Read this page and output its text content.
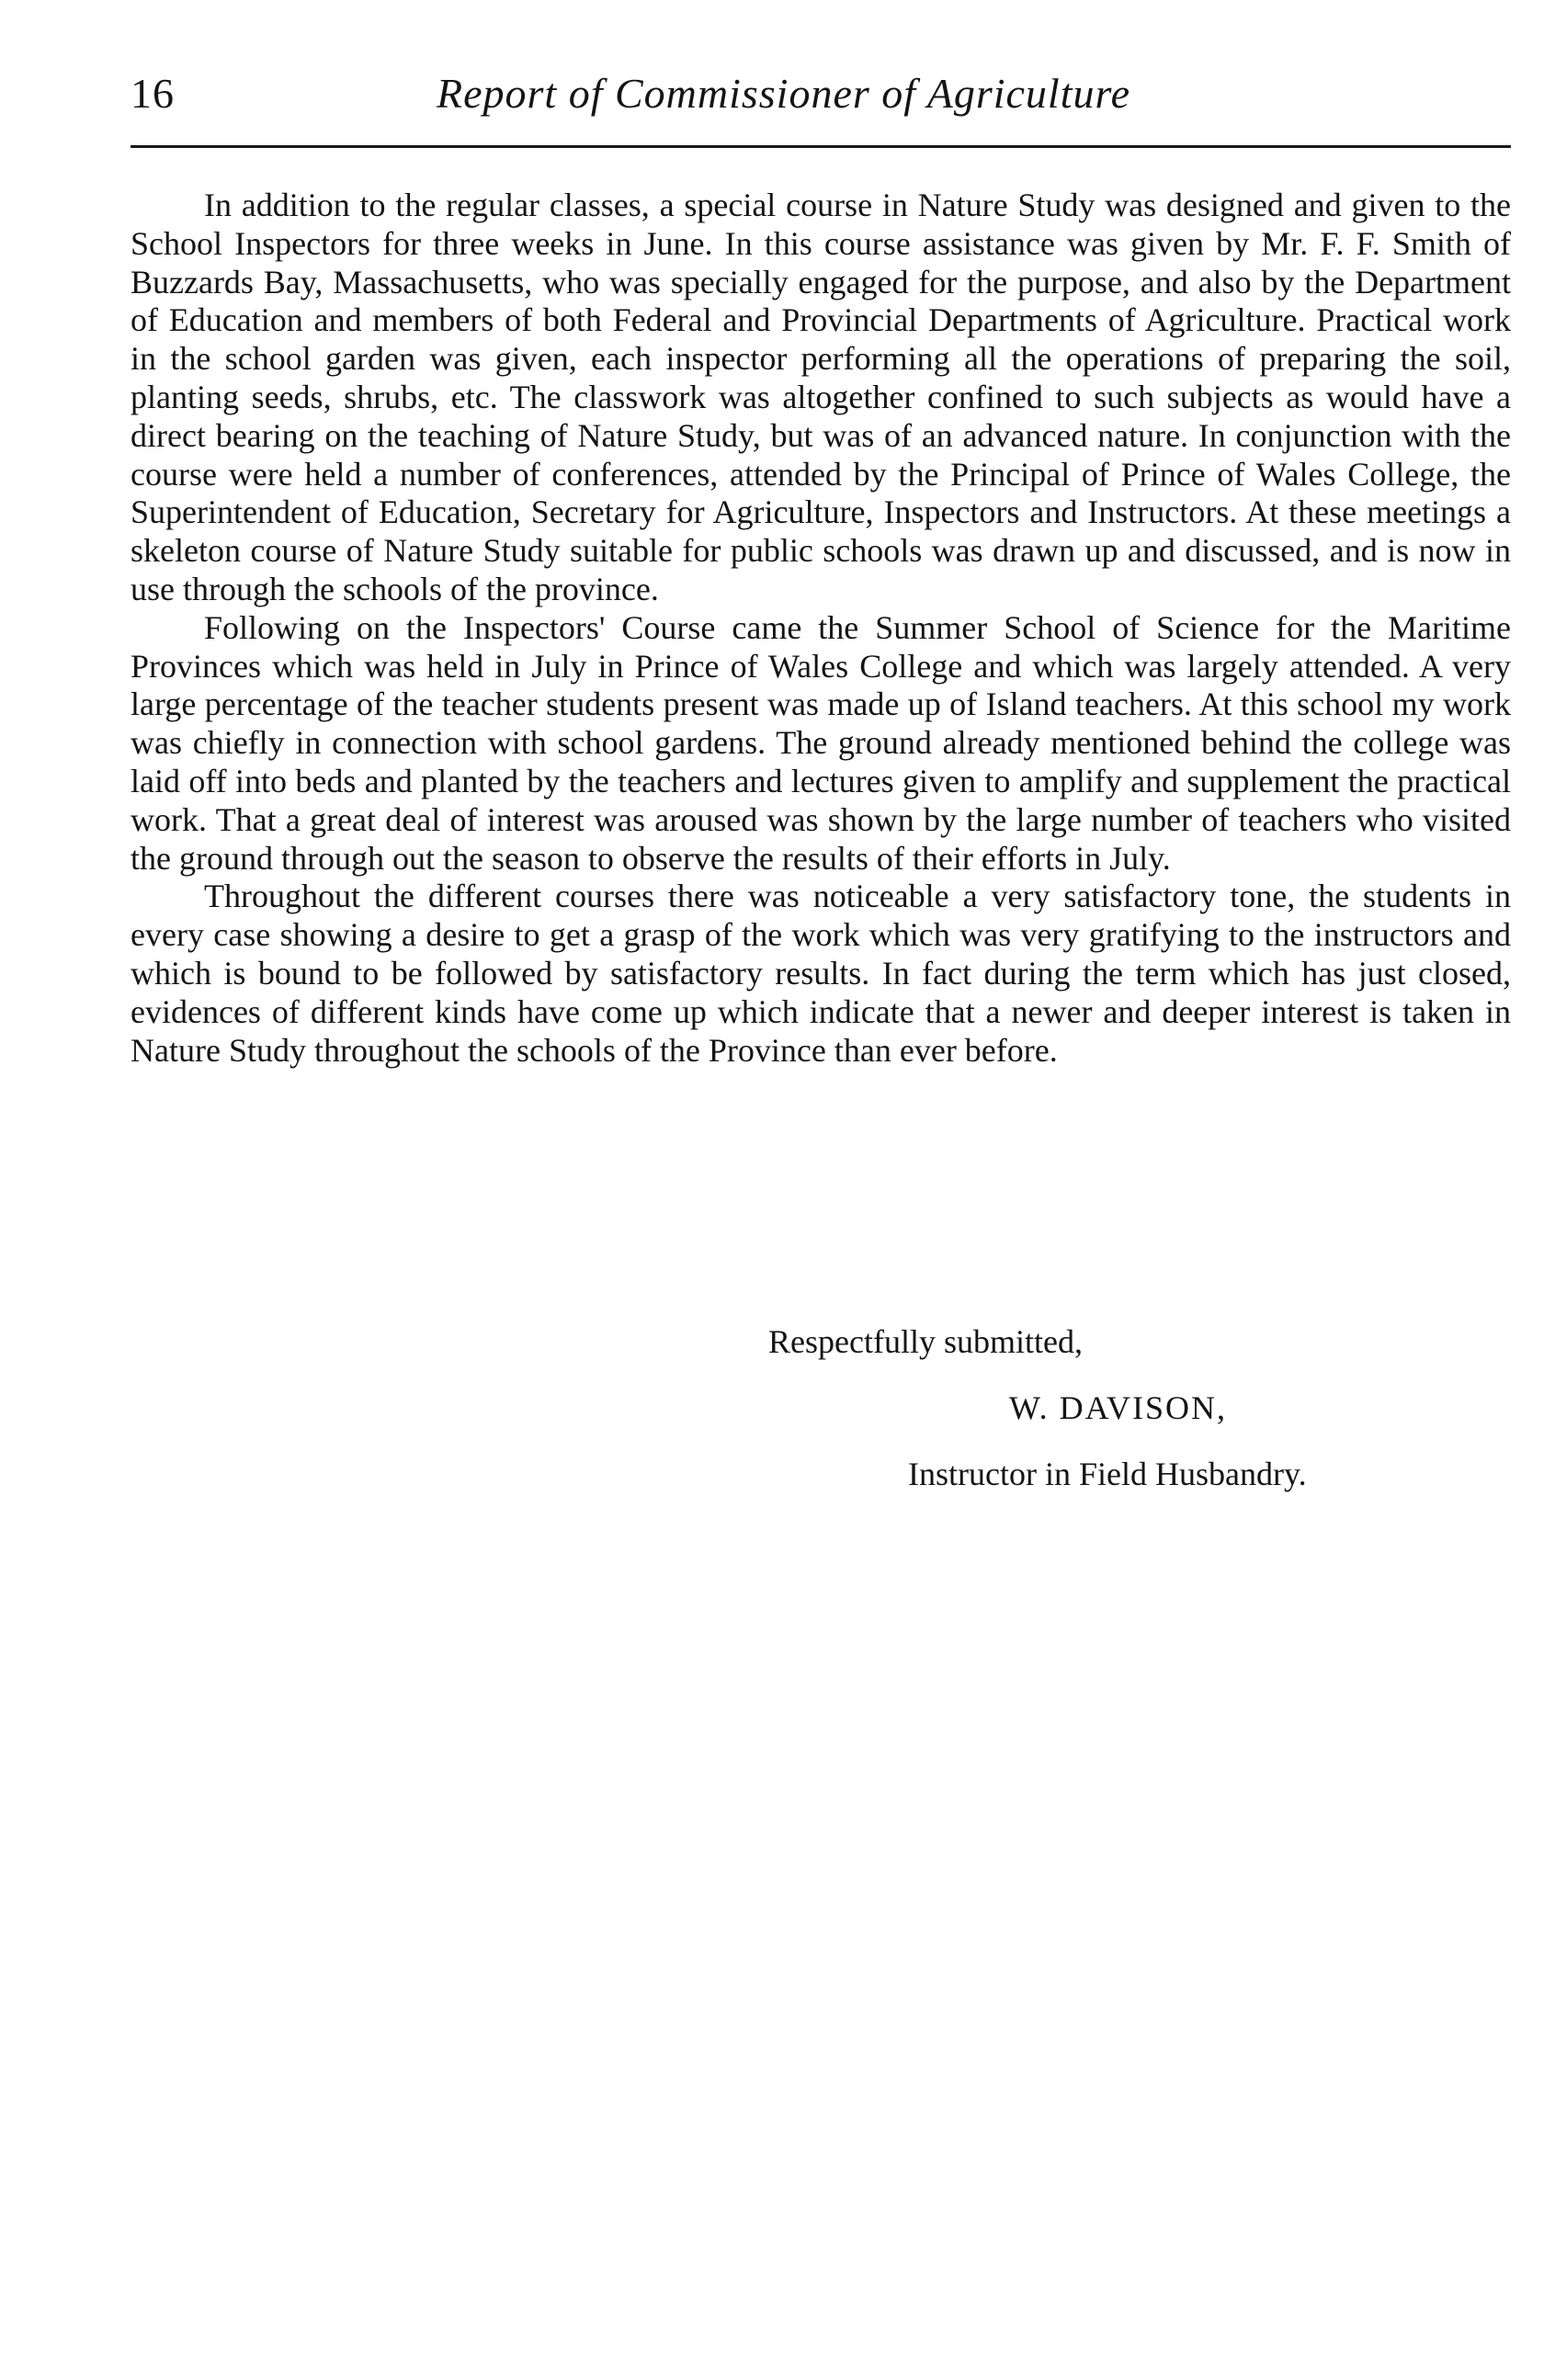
16	Report of Commissioner of Agriculture

In addition to the regular classes, a special course in Nature Study was designed and given to the School Inspectors for three weeks in June. In this course assistance was given by Mr. F. F. Smith of Buzzards Bay, Massachusetts, who was specially engaged for the purpose, and also by the Department of Education and members of both Federal and Provincial Departments of Agriculture. Practical work in the school garden was given, each inspector performing all the operations of preparing the soil, planting seeds, shrubs, etc. The classwork was altogether confined to such subjects as would have a direct bearing on the teaching of Nature Study, but was of an advanced nature. In conjunction with the course were held a number of conferences, attended by the Principal of Prince of Wales College, the Superintendent of Education, Secretary for Agriculture, Inspectors and Instructors. At these meetings a skeleton course of Nature Study suitable for public schools was drawn up and discussed, and is now in use through the schools of the province.

Following on the Inspectors' Course came the Summer School of Science for the Maritime Provinces which was held in July in Prince of Wales College and which was largely attended. A very large percentage of the teacher students present was made up of Island teachers. At this school my work was chiefly in connection with school gardens. The ground already mentioned behind the college was laid off into beds and planted by the teachers and lectures given to amplify and supplement the practical work. That a great deal of interest was aroused was shown by the large number of teachers who visited the ground through out the season to observe the results of their efforts in July.

Throughout the different courses there was noticeable a very satisfactory tone, the students in every case showing a desire to get a grasp of the work which was very gratifying to the instructors and which is bound to be followed by satisfactory results. In fact during the term which has just closed, evidences of different kinds have come up which indicate that a newer and deeper interest is taken in Nature Study throughout the schools of the Province than ever before.

Respectfully submitted,
W. DAVISON,
Instructor in Field Husbandry.
